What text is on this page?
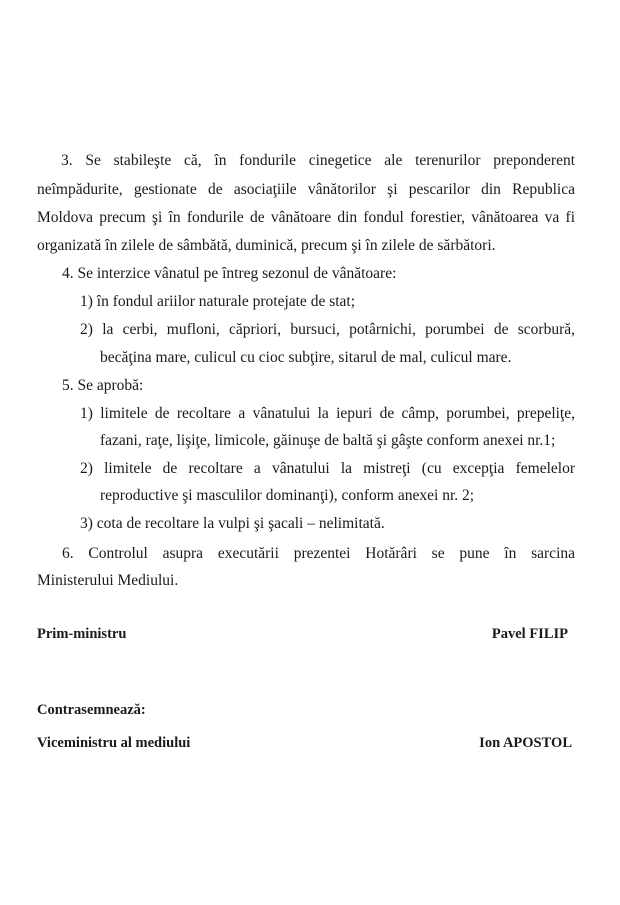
3. Se stabileşte că, în fondurile cinegetice ale terenurilor preponderent
neîmpădurite, gestionate de asociaţiile vânătorilor şi pescarilor din Republica
Moldova precum şi în fondurile de vânătoare din fondul forestier, vânătoarea va fi
organizată în zilele de sâmbătă, duminică, precum şi în zilele de sărbători.
4. Se interzice vânatul pe întreg sezonul de vânătoare:
1) în fondul ariilor naturale protejate de stat;
2) la cerbi, mufloni, căpriori, bursuci, potârnichi, porumbei de scorbură,
becăţina mare, culicul cu cioc subţire, sitarul de mal, culicul mare.
5. Se aprobă:
1) limitele de recoltare a vânatului la iepuri de câmp, porumbei, prepeliţe,
fazani, raţe, lişiţe, limicole, găinuşe de baltă şi gâşte conform anexei nr.1;
2) limitele de recoltare a vânatului la mistreţi (cu excepţia femelelor
reproductive şi masculilor dominanţi), conform anexei nr. 2;
3) cota de recoltare la vulpi şi şacali – nelimitată.
6. Controlul asupra executării prezentei Hotărâri se pune în sarcina
Ministerului Mediului.
Prim-ministru	Pavel FILIP
Contrasemnează:
Viceministru al mediului	Ion APOSTOL
